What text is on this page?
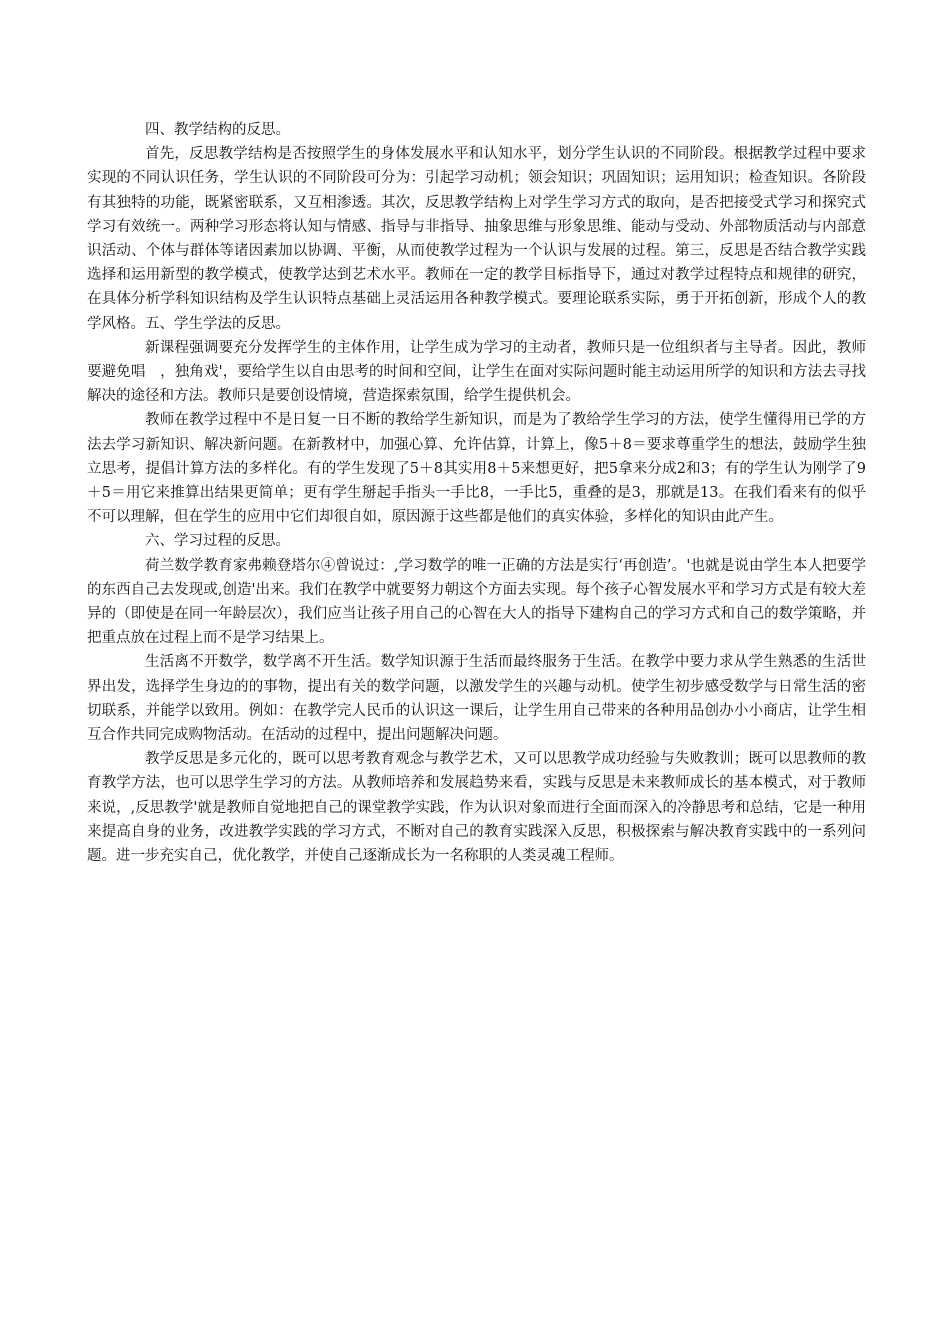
四、教学结构的反思。

首先，反思教学结构是否按照学生的身体发展水平和认知水平，划分学生认识的不同阶段。根据教学过程中要求实现的不同认识任务，学生认识的不同阶段可分为：引起学习动机；领会知识；巩固知识；运用知识；检查知识。各阶段有其独特的功能，既紧密联系，又互相渗透。其次，反思教学结构上对学生学习方式的取向，是否把接受式学习和探究式学习有效统一。两种学习形态将认知与情感、指导与非指导、抽象思维与形象思维、能动与受动、外部物质活动与内部意识活动、个体与群体等诸因素加以协调、平衡，从而使教学过程为一个认识与发展的过程。第三，反思是否结合教学实践选择和运用新型的教学模式，使教学达到艺术水平。教师在一定的教学目标指导下，通过对教学过程特点和规律的研究，在具体分析学科知识结构及学生认识特点基础上灵活运用各种教学模式。要理论联系实际，勇于开拓创新，形成个人的教学风格。五、学生学法的反思。

新课程强调要充分发挥学生的主体作用，让学生成为学习的主动者，教师只是一位组织者与主导者。因此，教师要避免唱　，独角戏'，要给学生以自由思考的时间和空间，让学生在面对实际问题时能主动运用所学的知识和方法去寻找解决的途径和方法。教师只是要创设情境，营造探索氛围，给学生提供机会。

教师在教学过程中不是日复一日不断的教给学生新知识，而是为了教给学生学习的方法，使学生懂得用已学的方法去学习新知识、解决新问题。在新教材中，加强心算、允许估算，计算上，像5＋8＝要求尊重学生的想法，鼓励学生独立思考，提倡计算方法的多样化。有的学生发现了5＋8其实用8＋5来想更好，把5拿来分成2和3；有的学生认为刚学了9＋5＝用它来推算出结果更简单；更有学生掰起手指头一手比8，一手比5，重叠的是3，那就是13。在我们看来有的似乎不可以理解，但在学生的应用中它们却很自如，原因源于这些都是他们的真实体验，多样化的知识由此产生。

六、学习过程的反思。

荷兰数学教育家弗赖登塔尔④曾说过：,学习数学的唯一正确的方法是实行‘再创造’。'也就是说由学生本人把要学的东西自己去发现或,创造'出来。我们在教学中就要努力朝这个方面去实现。每个孩子心智发展水平和学习方式是有较大差异的（即使是在同一年龄层次），我们应当让孩子用自己的心智在大人的指导下建构自己的学习方式和自己的数学策略，并把重点放在过程上而不是学习结果上。

生活离不开数学，数学离不开生活。数学知识源于生活而最终服务于生活。在教学中要力求从学生熟悉的生活世界出发，选择学生身边的的事物，提出有关的数学问题，以激发学生的兴趣与动机。使学生初步感受数学与日常生活的密切联系，并能学以致用。例如：在教学完人民币的认识这一课后，让学生用自己带来的各种用品创办小小商店，让学生相互合作共同完成购物活动。在活动的过程中，提出问题解决问题。

教学反思是多元化的，既可以思考教育观念与教学艺术，又可以思教学成功经验与失败教训；既可以思教师的教育教学方法，也可以思学生学习的方法。从教师培养和发展趋势来看，实践与反思是未来教师成长的基本模式，对于教师来说，,反思教学'就是教师自觉地把自己的课堂教学实践，作为认识对象而进行全面而深入的冷静思考和总结，它是一种用来提高自身的业务，改进教学实践的学习方式，不断对自己的教育实践深入反思，积极探索与解决教育实践中的一系列问题。进一步充实自己，优化教学，并使自己逐渐成长为一名称职的人类灵魂工程师。
